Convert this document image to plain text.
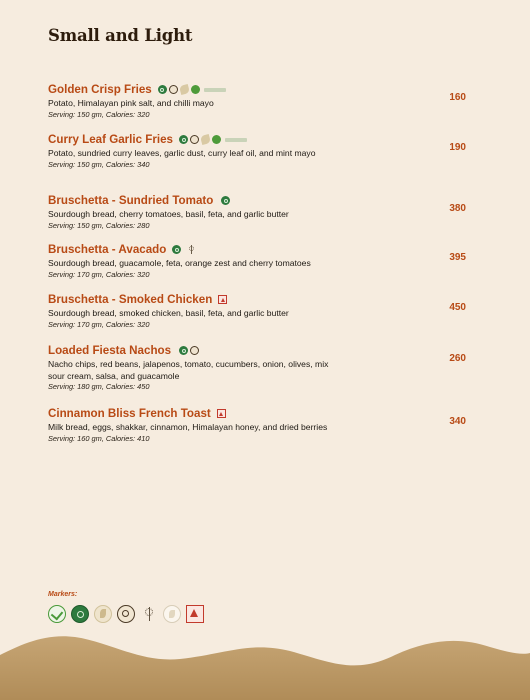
Small and Light
Golden Crisp Fries
Potato, Himalayan pink salt, and chilli mayo
Serving: 150 gm, Calories: 320
160
Curry Leaf Garlic Fries
Potato, sundried curry leaves, garlic dust, curry leaf oil, and mint mayo
Serving: 150 gm, Calories: 340
190
Bruschetta - Sundried Tomato
Sourdough bread, cherry tomatoes, basil, feta, and garlic butter
Serving: 150 gm, Calories: 280
380
Bruschetta - Avacado
Sourdough bread, guacamole, feta, orange zest and cherry tomatoes
Serving: 170 gm, Calories: 320
395
Bruschetta - Smoked Chicken
Sourdough bread, smoked chicken, basil, feta, and garlic butter
Serving: 170 gm, Calories: 320
450
Loaded Fiesta Nachos
Nacho chips, red beans, jalapenos, tomato, cucumbers, onion, olives, mix sour cream, salsa, and guacamole
Serving: 180 gm, Calories: 450
260
Cinnamon Bliss French Toast
Milk bread, eggs, shakkar, cinnamon, Himalayan honey, and dried berries
Serving: 160 gm, Calories: 410
340
Markers:
